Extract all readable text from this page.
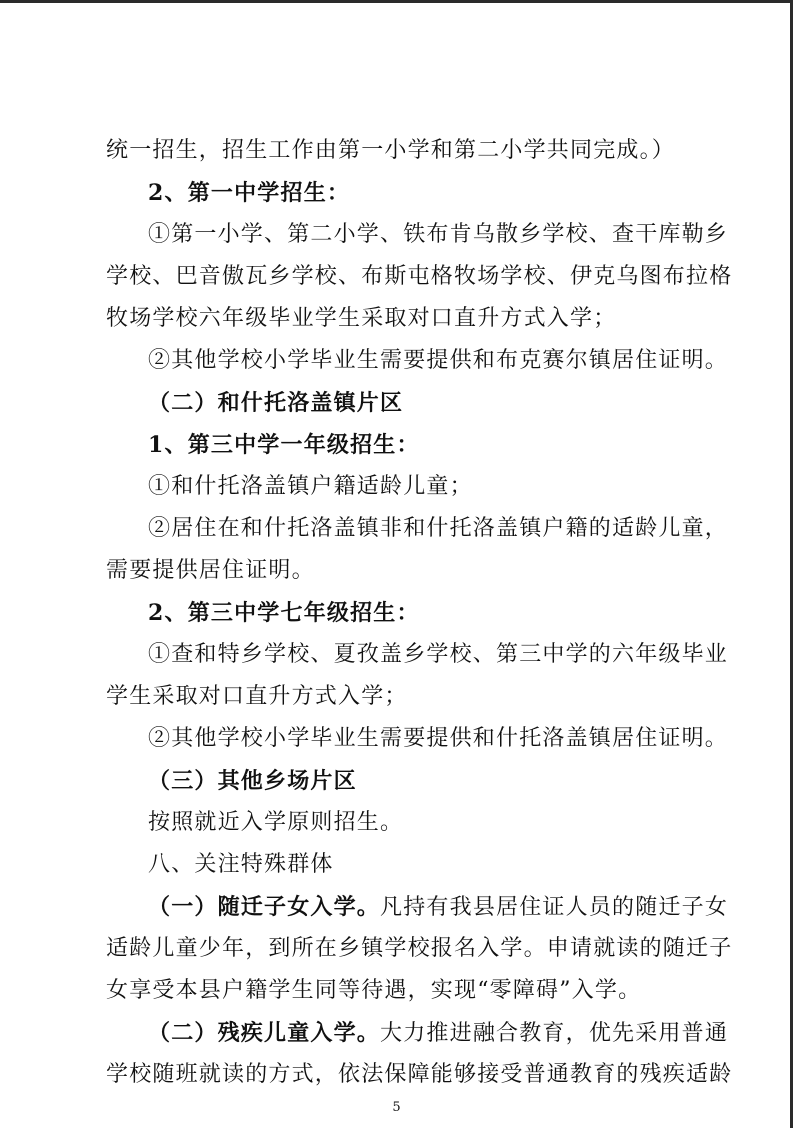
统一招生，招生工作由第一小学和第二小学共同完成。）
2、第一中学招生：
①第一小学、第二小学、铁布肯乌散乡学校、查干库勒乡
学校、巴音傲瓦乡学校、布斯屯格牧场学校、伊克乌图布拉格
牧场学校六年级毕业学生采取对口直升方式入学；
②其他学校小学毕业生需要提供和布克赛尔镇居住证明。
（二）和什托洛盖镇片区
1、第三中学一年级招生：
①和什托洛盖镇户籍适龄儿童；
②居住在和什托洛盖镇非和什托洛盖镇户籍的适龄儿童，
需要提供居住证明。
2、第三中学七年级招生：
①查和特乡学校、夏孜盖乡学校、第三中学的六年级毕业
学生采取对口直升方式入学；
②其他学校小学毕业生需要提供和什托洛盖镇居住证明。
（三）其他乡场片区
按照就近入学原则招生。
八、关注特殊群体
（一）随迁子女入学。凡持有我县居住证人员的随迁子女
适龄儿童少年，到所在乡镇学校报名入学。申请就读的随迁子
女享受本县户籍学生同等待遇，实现“零障碍”入学。
（二）残疾儿童入学。大力推进融合教育，优先采用普通
学校随班就读的方式，依法保障能够接受普通教育的残疾适龄
5
